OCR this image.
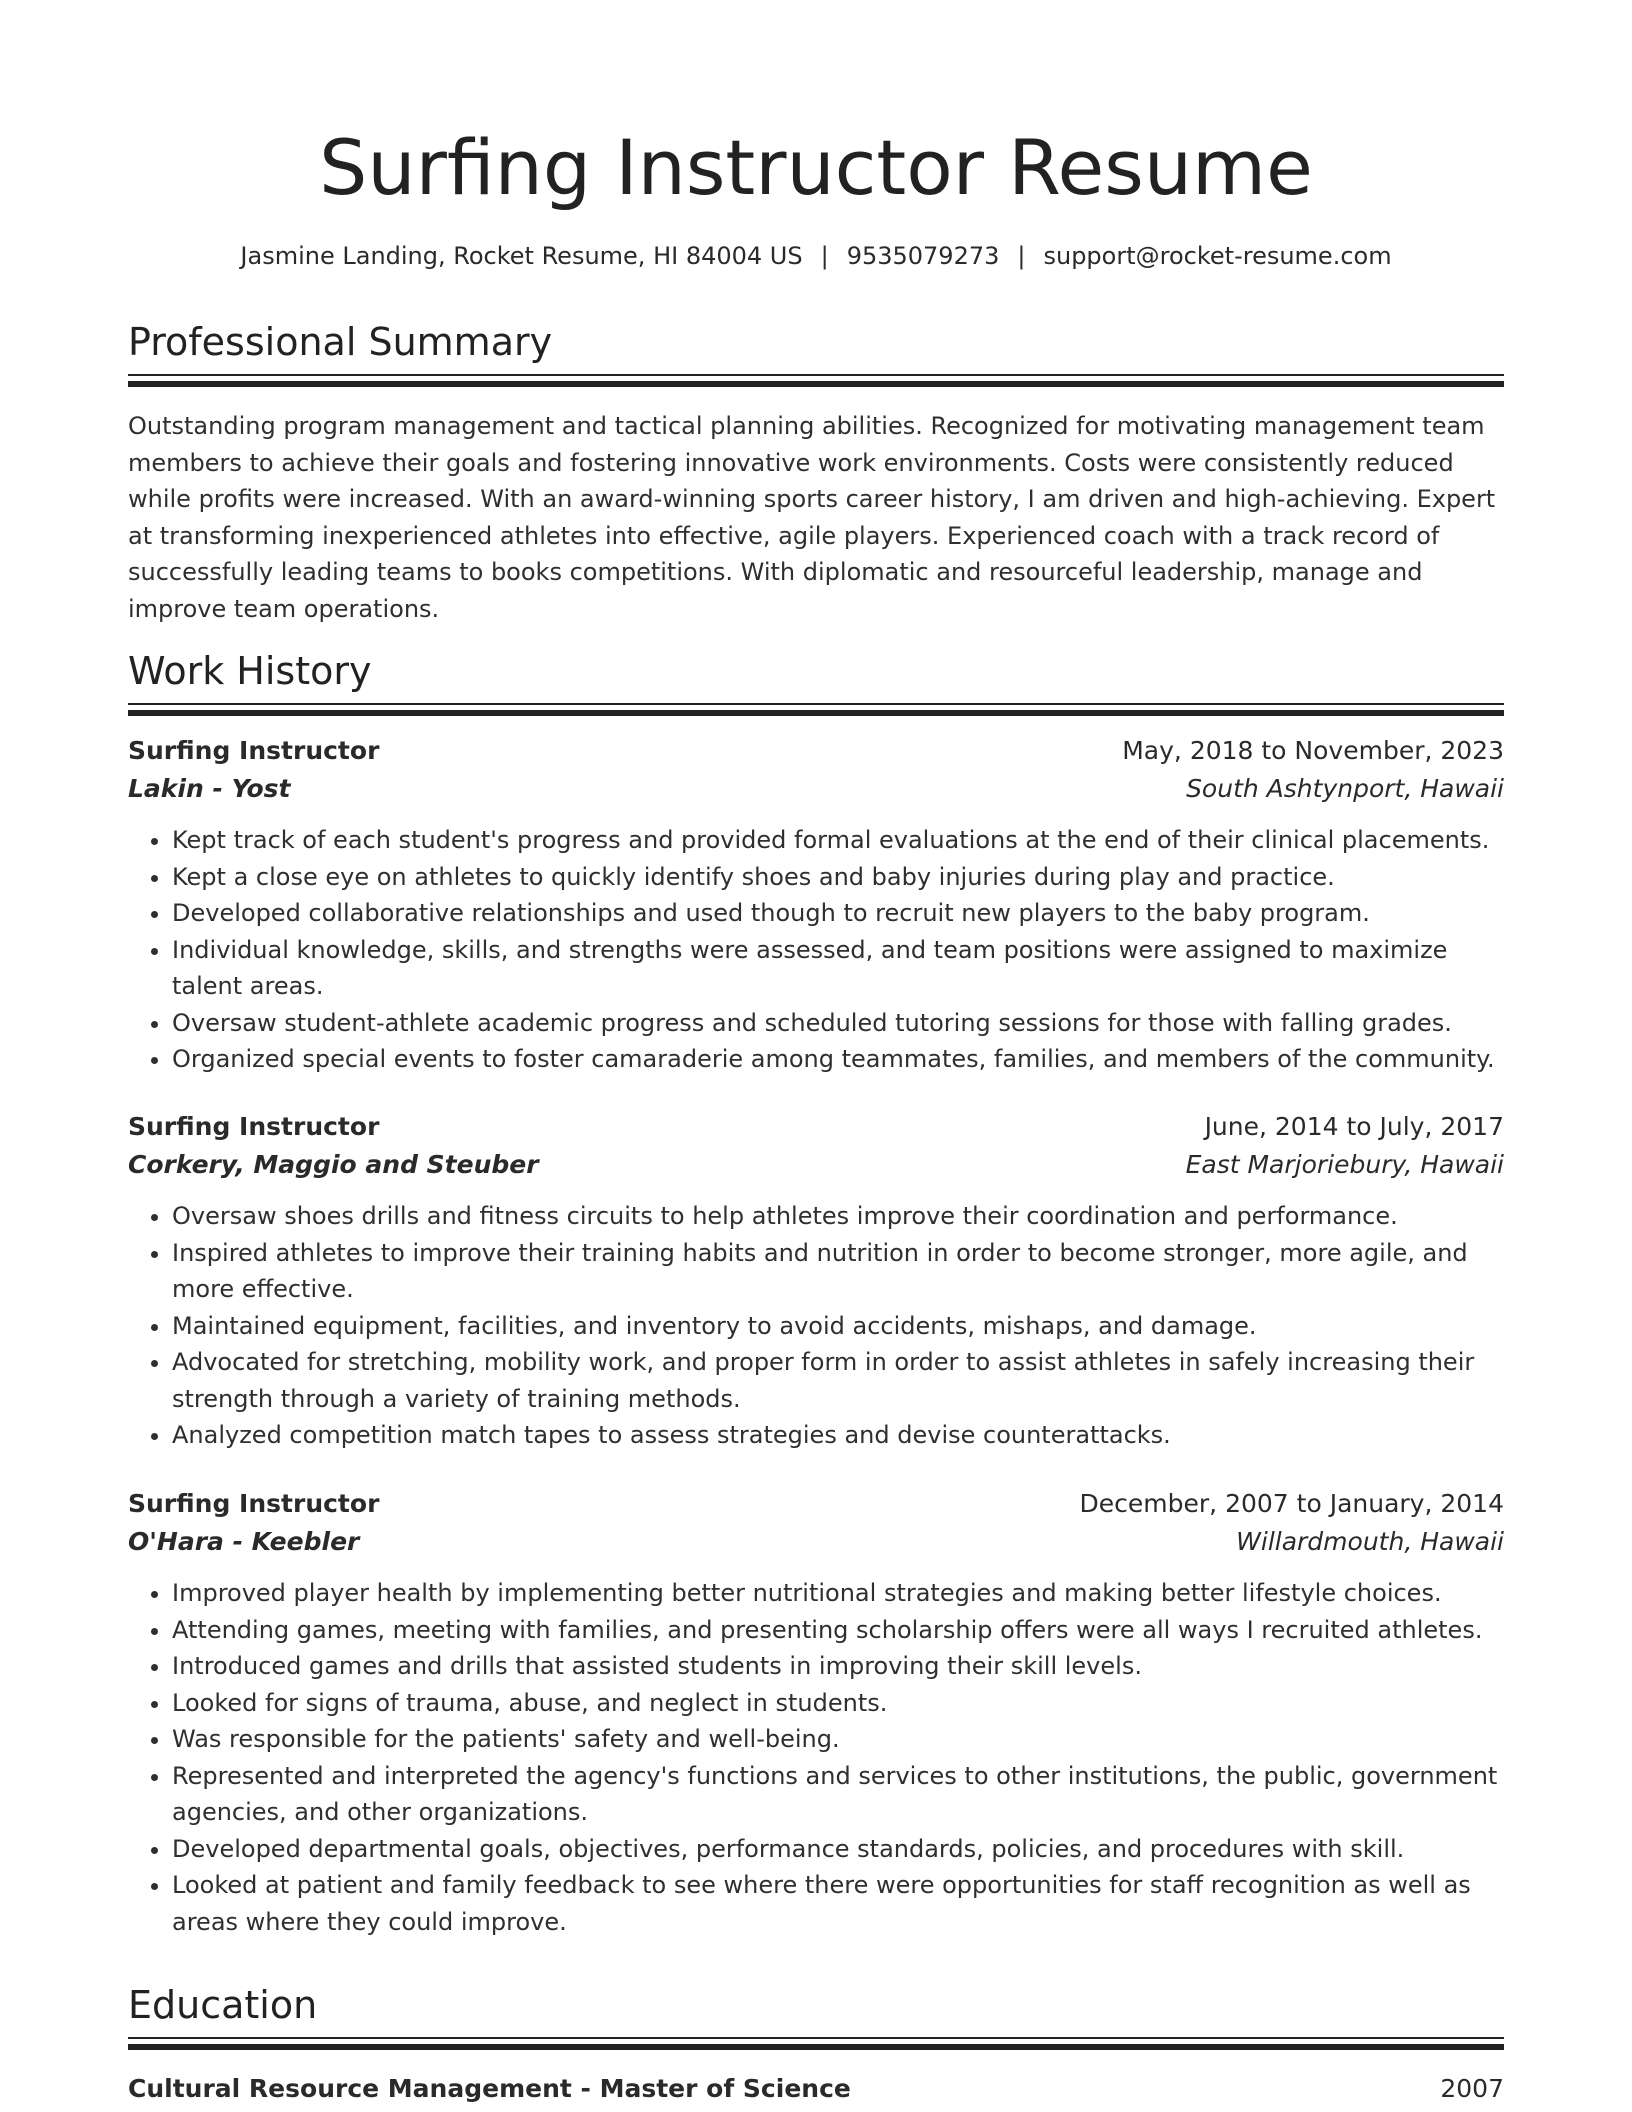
Surfing Instructor Resume
Jasmine Landing, Rocket Resume, HI 84004 US | 9535079273 | support@rocket-resume.com
Professional Summary

Outstanding program management and tactical planning abilities. Recognized for motivating management team members to achieve their goals and fostering innovative work environments. Costs were consistently reduced while profits were increased. With an award-winning sports career history, I am driven and high-achieving. Expert at transforming inexperienced athletes into effective, agile players. Experienced coach with a track record of successfully leading teams to books competitions. With diplomatic and resourceful leadership, manage and improve team operations.

Work History
Surfing Instructor	May, 2018 to November, 2023
Lakin - Yost	South Ashtynport, Hawaii
• Kept track of each student's progress and provided formal evaluations at the end of their clinical placements.
• Kept a close eye on athletes to quickly identify shoes and baby injuries during play and practice.
• Developed collaborative relationships and used though to recruit new players to the baby program.
• Individual knowledge, skills, and strengths were assessed, and team positions were assigned to maximize talent areas.
• Oversaw student-athlete academic progress and scheduled tutoring sessions for those with falling grades.
• Organized special events to foster camaraderie among teammates, families, and members of the community.
Surfing Instructor	June, 2014 to July, 2017
Corkery, Maggio and Steuber	East Marjoriebury, Hawaii
• Oversaw shoes drills and fitness circuits to help athletes improve their coordination and performance.
• Inspired athletes to improve their training habits and nutrition in order to become stronger, more agile, and more effective.
• Maintained equipment, facilities, and inventory to avoid accidents, mishaps, and damage.
• Advocated for stretching, mobility work, and proper form in order to assist athletes in safely increasing their strength through a variety of training methods.
• Analyzed competition match tapes to assess strategies and devise counterattacks.
Surfing Instructor	December, 2007 to January, 2014
O'Hara - Keebler	Willardmouth, Hawaii
• Improved player health by implementing better nutritional strategies and making better lifestyle choices.
• Attending games, meeting with families, and presenting scholarship offers were all ways I recruited athletes.
• Introduced games and drills that assisted students in improving their skill levels.
• Looked for signs of trauma, abuse, and neglect in students.
• Was responsible for the patients' safety and well-being.
• Represented and interpreted the agency's functions and services to other institutions, the public, government agencies, and other organizations.
• Developed departmental goals, objectives, performance standards, policies, and procedures with skill.
• Looked at patient and family feedback to see where there were opportunities for staff recognition as well as areas where they could improve.
Education
Cultural Resource Management - Master of Science	2007
